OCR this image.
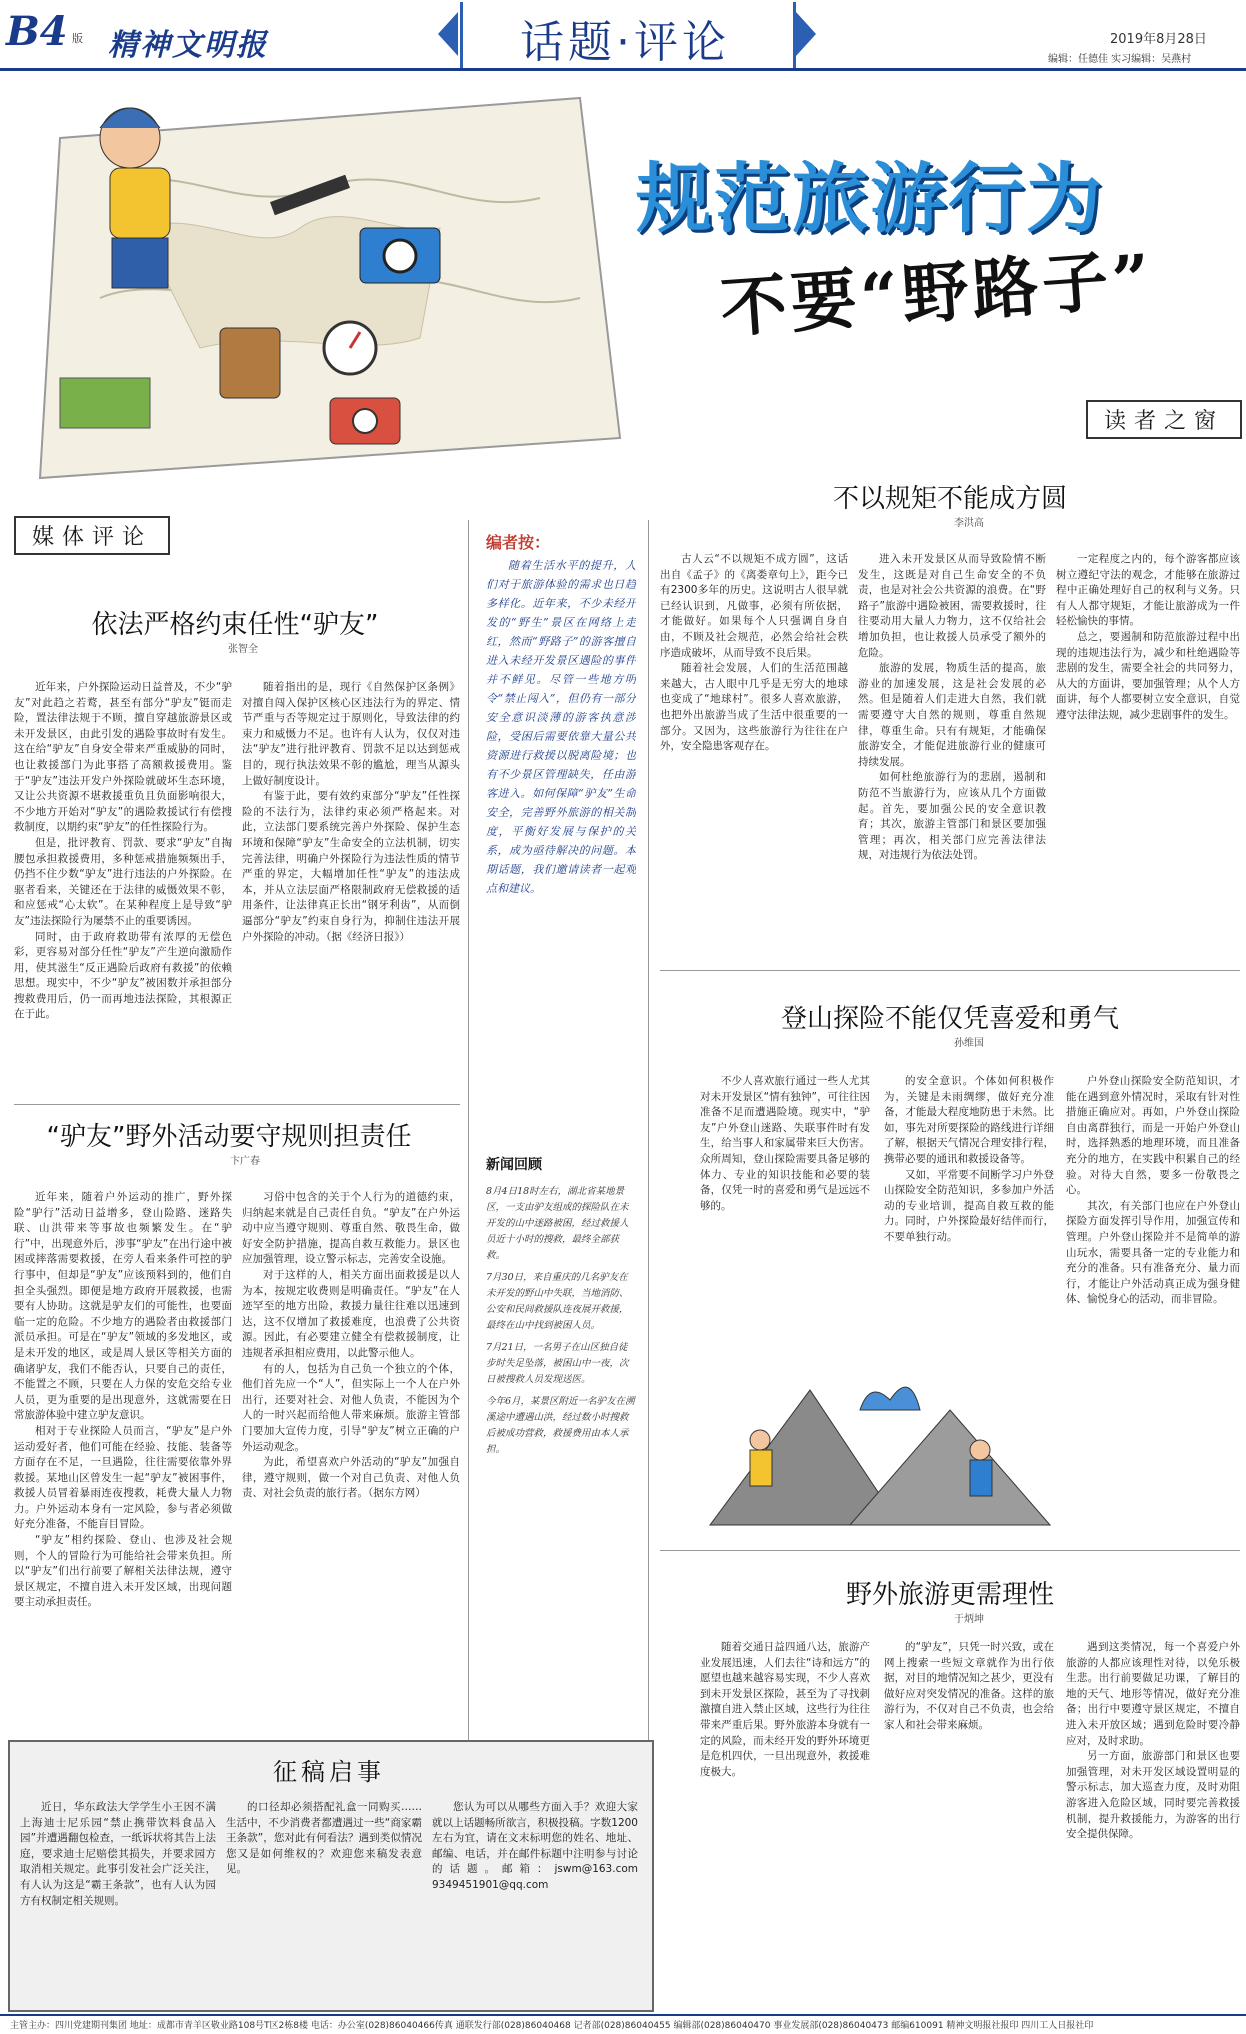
B4 版 精神文明报	话题·评论	2019年8月28日
编辑：任德佳 实习编辑：吴燕村
规范旅游行为
不要“野路子”
读者之窗
媒体评论
依法严格约束任性“驴友”
张智全

近年来，户外探险运动日益普及，不少“驴友”对此趋之若鹜，甚至有部分“驴友”铤而走险，置法律法规于不顾，擅自穿越旅游景区或未开发景区，由此引发的遇险事故时有发生。这在给“驴友”自身安全带来严重威胁的同时，也让救援部门为此事搭了高额救援费用。鉴于“驴友”违法开发户外探险就破坏生态环境，又让公共资源不堪救援重负且负面影响很大，不少地方开始对“驴友”的遇险救援试行有偿搜救制度，以期约束“驴友”的任性探险行为。

但是，批评教育、罚款、要求“驴友”自掏腰包承担救援费用，多种惩戒措施频频出手，仍挡不住少数“驴友”进行违法的户外探险。在驱者看来，关键还在于法律的威慑效果不彰，和应惩戒“心太软”。在某种程度上是导致“驴友”违法探险行为屡禁不止的重要诱因。

同时，由于政府救助带有浓厚的无偿色彩，更容易对部分任性“驴友”产生逆向激励作用，使其滋生“反正遇险后政府有救援”的依赖思想。现实中，不少“驴友”被困数并承担部分搜救费用后，仍一而再地违法探险，其根源正在于此。

随着指出的是，现行《自然保护区条例》对擅自闯入保护区核心区违法行为的界定、情节严重与否等规定过于原则化，导致法律的约束力和威慑力不足。也许有人认为，仅仅对违法“驴友”进行批评教育、罚款不足以达到惩戒目的，现行执法效果不彰的尴尬，理当从源头上做好制度设计。

有鉴于此，要有效约束部分“驴友”任性探险的不法行为，法律约束必须严格起来。对此，立法部门要系统完善户外探险、保护生态环境和保障“驴友”生命安全的立法机制，切实完善法律，明确户外探险行为违法性质的情节严重的界定，大幅增加任性“驴友”的违法成本，并从立法层面严格限制政府无偿救援的适用条件，让法律真正长出“钢牙利齿”，从而倒逼部分“驴友”约束自身行为，抑制住违法开展户外探险的冲动。（据《经济日报》）

“驴友”野外活动要守规则担责任
卞广春

近年来，随着户外运动的推广，野外探险“驴行”活动日益增多，登山险路、迷路失联、山洪带来等事故也频繁发生。在“驴行”中，出现意外后，涉事“驴友”在出行途中被困或摔落需要救援，在旁人看来条件可控的驴行事中，但却是“驴友”应该预料到的，他们自担全头强烈。即便是地方政府开展救援，也需要有人协助。这就是驴友们的可能性，也要面临一定的危险。不少地方的遇险者由救援部门派员承担。可是在“驴友”领域的多发地区，或是未开发的地区，或是周人景区等相关方面的确诸驴友，我们不能否认，只要自己的责任，不能置之不顾，只要在人力保的安危交给专业人员，更为重要的是出现意外，这就需要在日常旅游体验中建立驴友意识。

相对于专业探险人员而言，“驴友”是户外运动爱好者，他们可能在经验、技能、装备等方面存在不足，一旦遇险，往往需要依靠外界救援。某地山区曾发生一起“驴友”被困事件，救援人员冒着暴雨连夜搜救，耗费大量人力物力。户外运动本身有一定风险，参与者必须做好充分准备，不能盲目冒险。

“驴友”相约探险、登山、也涉及社会规则，个人的冒险行为可能给社会带来负担。所以“驴友”们出行前要了解相关法律法规，遵守景区规定，不擅自进入未开发区域，出现问题要主动承担责任。

习俗中包含的关于个人行为的道德约束，归纳起来就是自己责任自负。“驴友”在户外运动中应当遵守规则、尊重自然、敬畏生命，做好安全防护措施，提高自救互救能力。景区也应加强管理，设立警示标志，完善安全设施。

对于这样的人，相关方面出面救援是以人为本，按规定收费则是明确责任。“驴友”在人迹罕至的地方出险，救援力量往往难以迅速到达，这不仅增加了救援难度，也浪费了公共资源。因此，有必要建立健全有偿救援制度，让违规者承担相应费用，以此警示他人。

有的人，包括为自己负一个独立的个体，他们首先应一个“人”，但实际上一个人在户外出行，还要对社会、对他人负责，不能因为个人的一时兴起而给他人带来麻烦。旅游主管部门要加大宣传力度，引导“驴友”树立正确的户外运动观念。

为此，希望喜欢户外活动的“驴友”加强自律，遵守规则，做一个对自己负责、对他人负责、对社会负责的旅行者。（据东方网）

编者按：
随着生活水平的提升，人们对于旅游体验的需求也日趋多样化。近年来，不少未经开发的“野生”景区在网络上走红，然而“野路子”的游客擅自进入未经开发景区遇险的事件并不鲜见。尽管一些地方明令“禁止闯入”，但仍有一部分安全意识淡薄的游客执意涉险，受困后需要依靠大量公共资源进行救援以脱离险境；也有不少景区管理缺失，任由游客进入。如何保障“驴友”生命安全，完善野外旅游的相关制度，平衡好发展与保护的关系，成为亟待解决的问题。本期话题，我们邀请读者一起观点和建议。
新闻回顾
8月4日18时左右，湖北省某地景区，一支由驴友组成的探险队在未开发的山中迷路被困，经过救援人员近十小时的搜救，最终全部获救。
7月30日，来自重庆的几名驴友在未开发的野山中失联，当地消防、公安和民间救援队连夜展开救援，最终在山中找到被困人员。
7月21日，一名男子在山区独自徒步时失足坠落，被困山中一夜，次日被搜救人员发现送医。
今年6月，某景区附近一名驴友在溯溪途中遭遇山洪，经过数小时搜救后被成功营救，救援费用由本人承担。
不以规矩不能成方圆
李洪高

古人云“不以规矩不成方圆”，这话出自《孟子》的《离娄章句上》，距今已有2300多年的历史。这说明古人很早就已经认识到，凡做事，必须有所依据，才能做好。如果每个人只强调自身自由，不顾及社会规范，必然会给社会秩序造成破坏，从而导致不良后果。

随着社会发展，人们的生活范围越来越大，古人眼中几乎是无穷大的地球也变成了“地球村”。很多人喜欢旅游，也把外出旅游当成了生活中很重要的一部分。又因为，这些旅游行为往往在户外，安全隐患客观存在。

进入未开发景区从而导致险情不断发生，这既是对自己生命安全的不负责，也是对社会公共资源的浪费。在“野路子”旅游中遇险被困，需要救援时，往往要动用大量人力物力，这不仅给社会增加负担，也让救援人员承受了额外的危险。

旅游的发展，物质生活的提高，旅游业的加速发展，这是社会发展的必然。但是随着人们走进大自然，我们就需要遵守大自然的规则，尊重自然规律，尊重生命。只有有规矩，才能确保旅游安全，才能促进旅游行业的健康可持续发展。

如何杜绝旅游行为的悲剧，遏制和防范不当旅游行为，应该从几个方面做起。首先，要加强公民的安全意识教育；其次，旅游主管部门和景区要加强管理；再次，相关部门应完善法律法规，对违规行为依法处罚。

一定程度之内的，每个游客都应该树立遵纪守法的观念，才能够在旅游过程中正确处理好自己的权利与义务。只有人人都守规矩，才能让旅游成为一件轻松愉快的事情。

总之，要遏制和防范旅游过程中出现的违规违法行为，减少和杜绝遇险等悲剧的发生，需要全社会的共同努力，从大的方面讲，要加强管理；从个人方面讲，每个人都要树立安全意识，自觉遵守法律法规，减少悲剧事件的发生。

登山探险不能仅凭喜爱和勇气
孙维国

不少人喜欢旅行通过一些人尤其对未开发景区“情有独钟”，可往往因准备不足而遭遇险境。现实中，“驴友”户外登山迷路、失联事件时有发生，给当事人和家属带来巨大伤害。众所周知，登山探险需要具备足够的体力、专业的知识技能和必要的装备，仅凭一时的喜爱和勇气是远远不够的。

的安全意识。个体如何积极作为，关键是未雨绸缪，做好充分准备，才能最大程度地防患于未然。比如，事先对所要探险的路线进行详细了解，根据天气情况合理安排行程，携带必要的通讯和救援设备等。

又如，平常要不间断学习户外登山探险安全防范知识，多参加户外活动的专业培训，提高自救互救的能力。同时，户外探险最好结伴而行，不要单独行动。

户外登山探险安全防范知识，才能在遇到意外情况时，采取有针对性措施正确应对。再如，户外登山探险自由离群独行，而是一开始户外登山时，选择熟悉的地理环境，而且准备充分的地方，在实践中积累自己的经验。对待大自然，要多一份敬畏之心。

其次，有关部门也应在户外登山探险方面发挥引导作用，加强宣传和管理。户外登山探险并不是简单的游山玩水，需要具备一定的专业能力和充分的准备。只有准备充分、量力而行，才能让户外活动真正成为强身健体、愉悦身心的活动，而非冒险。

野外旅游更需理性
于炳坤

随着交通日益四通八达，旅游产业发展迅速，人们去往“诗和远方”的愿望也越来越容易实现，不少人喜欢到未开发景区探险，甚至为了寻找刺激擅自进入禁止区域，这些行为往往带来严重后果。野外旅游本身就有一定的风险，而未经开发的野外环境更是危机四伏，一旦出现意外，救援难度极大。

的“驴友”，只凭一时兴致，或在网上搜索一些短文章就作为出行依据，对目的地情况知之甚少，更没有做好应对突发情况的准备。这样的旅游行为，不仅对自己不负责，也会给家人和社会带来麻烦。

遇到这类情况，每一个喜爱户外旅游的人都应该理性对待，以免乐极生悲。出行前要做足功课，了解目的地的天气、地形等情况，做好充分准备；出行中要遵守景区规定，不擅自进入未开放区域；遇到危险时要冷静应对，及时求助。

另一方面，旅游部门和景区也要加强管理，对未开发区域设置明显的警示标志，加大巡查力度，及时劝阻游客进入危险区域，同时要完善救援机制，提升救援能力，为游客的出行安全提供保障。

征稿启事

近日，华东政法大学学生小王因不满上海迪士尼乐园“禁止携带饮料食品入园”并遭遇翻包检查，一纸诉状将其告上法庭，要求迪士尼赔偿其损失，并要求园方取消相关规定。此事引发社会广泛关注，有人认为这是“霸王条款”，也有人认为园方有权制定相关规则。

的口径却必须搭配礼盒一同购买……生活中，不少消费者都遭遇过一些“商家霸王条款”，您对此有何看法？遇到类似情况您又是如何维权的？欢迎您来稿发表意见。

您认为可以从哪些方面入手？欢迎大家就以上话题畅所欲言，积极投稿。字数1200左右为宜，请在文末标明您的姓名、地址、邮编、电话，并在邮件标题中注明参与讨论的话题。邮箱：jswm@163.com 9349451901@qq.com

主管主办：四川党建期刊集团 地址：成都市青羊区敬业路108号T区2栋8楼 电话：办公室(028)86040466传真 通联发行部(028)86040468 记者部(028)86040455 编辑部(028)86040470 事业发展部(028)86040473 邮编610091 精神文明报社报印 四川工人日报社印
